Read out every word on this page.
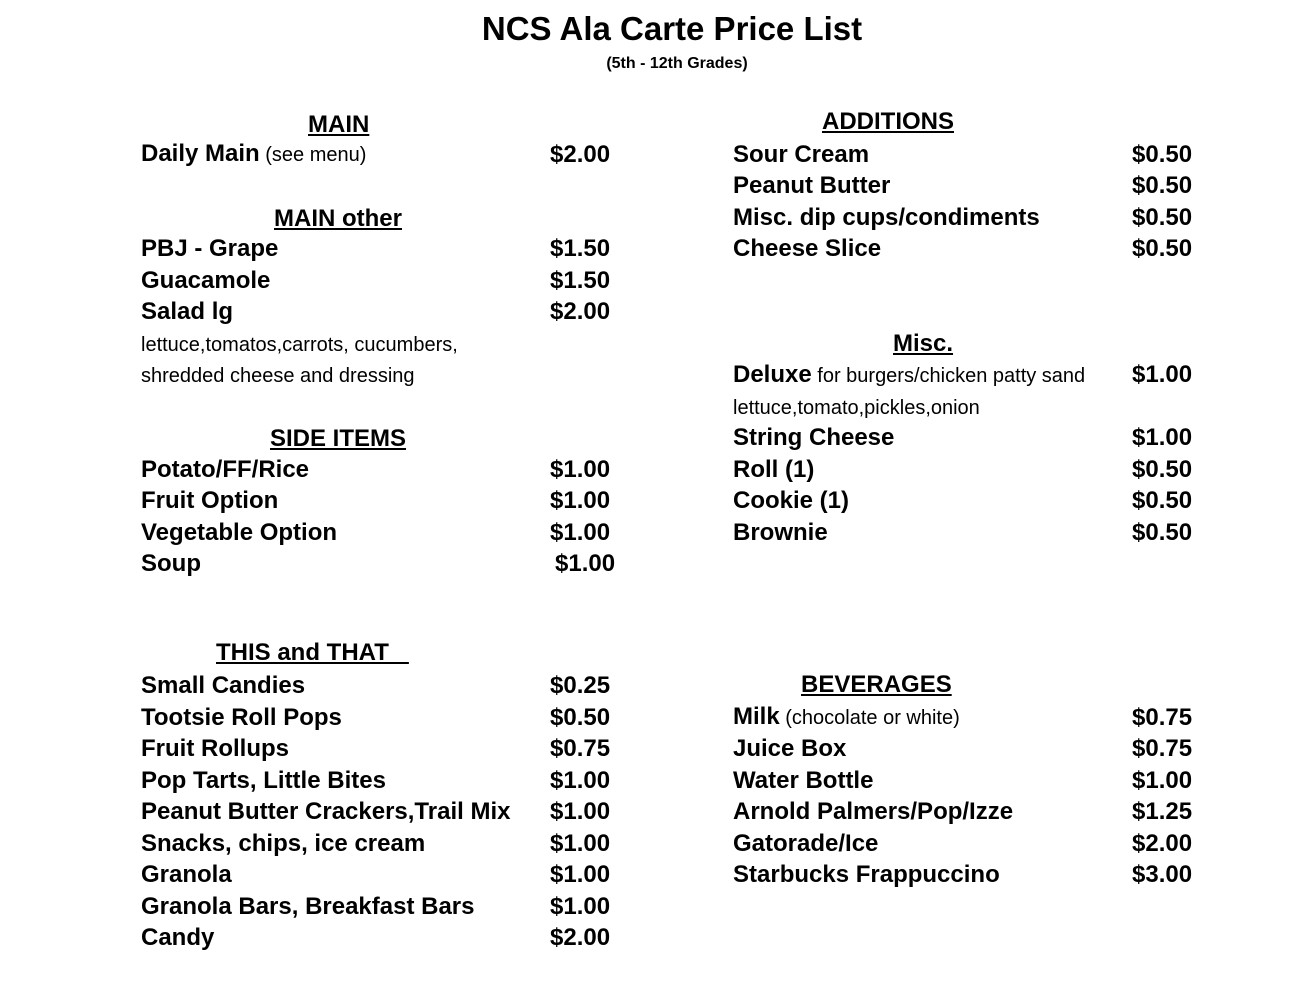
NCS Ala Carte Price List
(5th - 12th Grades)
MAIN
Daily Main (see menu)	$2.00
MAIN other
PBJ - Grape	$1.50
Guacamole	$1.50
Salad lg	$2.00
lettuce,tomatos,carrots, cucumbers,
shredded cheese and dressing
SIDE ITEMS
Potato/FF/Rice	$1.00
Fruit Option	$1.00
Vegetable Option	$1.00
Soup	$1.00
THIS and THAT
Small Candies	$0.25
Tootsie Roll Pops	$0.50
Fruit Rollups	$0.75
Pop Tarts, Little Bites	$1.00
Peanut Butter Crackers,Trail Mix $1.00
Snacks, chips, ice cream	$1.00
Granola	$1.00
Granola Bars, Breakfast Bars	$1.00
Candy	$2.00
ADDITIONS
Sour Cream	$0.50
Peanut Butter	$0.50
Misc. dip cups/condiments	$0.50
Cheese Slice	$0.50
Misc.
Deluxe for burgers/chicken patty sand $1.00
lettuce,tomato,pickles,onion
String Cheese	$1.00
Roll (1)	$0.50
Cookie (1)	$0.50
Brownie	$0.50
BEVERAGES
Milk (chocolate or white)	$0.75
Juice Box	$0.75
Water Bottle	$1.00
Arnold Palmers/Pop/Izze	$1.25
Gatorade/Ice	$2.00
Starbucks Frappuccino	$3.00
